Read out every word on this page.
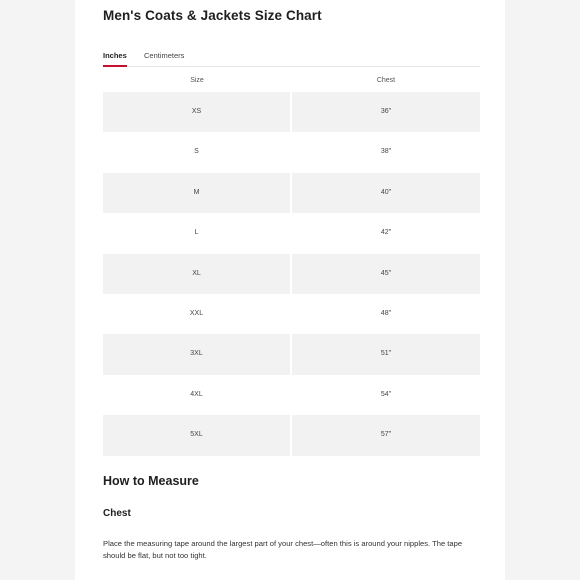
Men's Coats & Jackets Size Chart
Inches Centimeters
Size	Chest
XS	36"
S	38"
M	40"
L	42"
XL	45"
XXL	48"
3XL	51"
4XL	54"
5XL	57"
How to Measure
Chest

Place the measuring tape around the largest part of your chest—often this is around your nipples. The tape should be flat, but not too tight.
